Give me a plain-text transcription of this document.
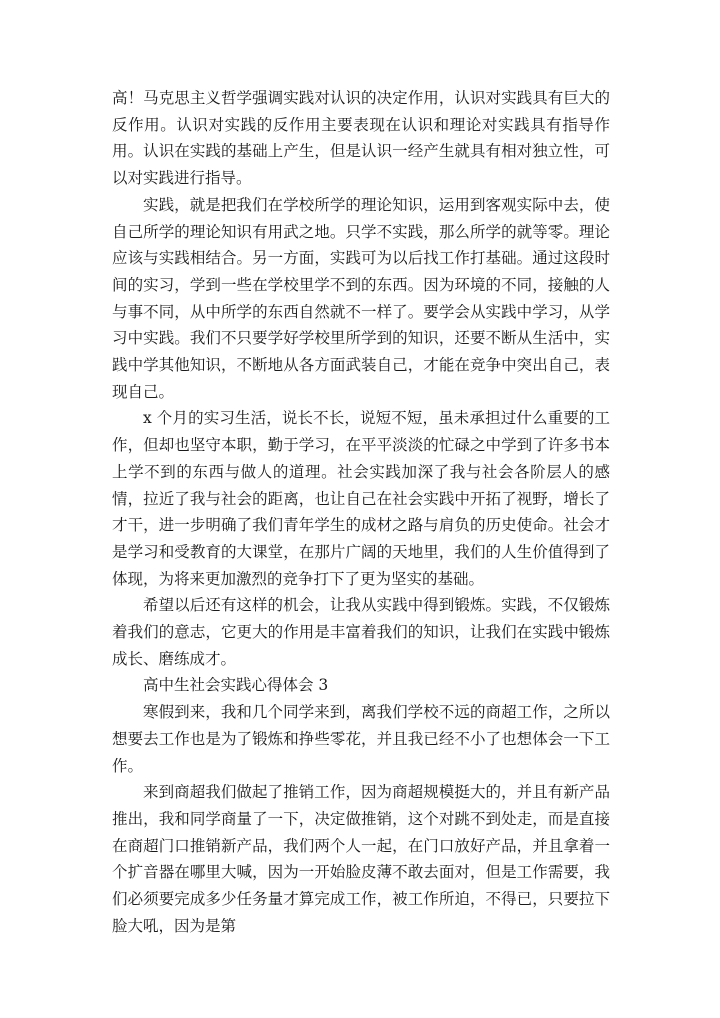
高！马克思主义哲学强调实践对认识的决定作用，认识对实践具有巨大的反作用。认识对实践的反作用主要表现在认识和理论对实践具有指导作用。认识在实践的基础上产生，但是认识一经产生就具有相对独立性，可以对实践进行指导。

实践，就是把我们在学校所学的理论知识，运用到客观实际中去，使自己所学的理论知识有用武之地。只学不实践，那么所学的就等零。理论应该与实践相结合。另一方面，实践可为以后找工作打基础。通过这段时间的实习，学到一些在学校里学不到的东西。因为环境的不同，接触的人与事不同，从中所学的东西自然就不一样了。要学会从实践中学习，从学习中实践。我们不只要学好学校里所学到的知识，还要不断从生活中，实践中学其他知识，不断地从各方面武装自己，才能在竞争中突出自己，表现自己。

x 个月的实习生活，说长不长，说短不短，虽未承担过什么重要的工作，但却也坚守本职，勤于学习，在平平淡淡的忙碌之中学到了许多书本上学不到的东西与做人的道理。社会实践加深了我与社会各阶层人的感情，拉近了我与社会的距离，也让自己在社会实践中开拓了视野，增长了才干，进一步明确了我们青年学生的成材之路与肩负的历史使命。社会才是学习和受教育的大课堂，在那片广阔的天地里，我们的人生价值得到了体现，为将来更加激烈的竞争打下了更为坚实的基础。

希望以后还有这样的机会，让我从实践中得到锻炼。实践，不仅锻炼着我们的意志，它更大的作用是丰富着我们的知识，让我们在实践中锻炼成长、磨练成才。

高中生社会实践心得体会 3

寒假到来，我和几个同学来到，离我们学校不远的商超工作，之所以想要去工作也是为了锻炼和挣些零花，并且我已经不小了也想体会一下工作。

来到商超我们做起了推销工作，因为商超规模挺大的，并且有新产品推出，我和同学商量了一下，决定做推销，这个对跳不到处走，而是直接在商超门口推销新产品，我们两个人一起，在门口放好产品，并且拿着一个扩音器在哪里大喊，因为一开始脸皮薄不敢去面对，但是工作需要，我们必须要完成多少任务量才算完成工作，被工作所迫，不得已，只要拉下脸大吼，因为是第
